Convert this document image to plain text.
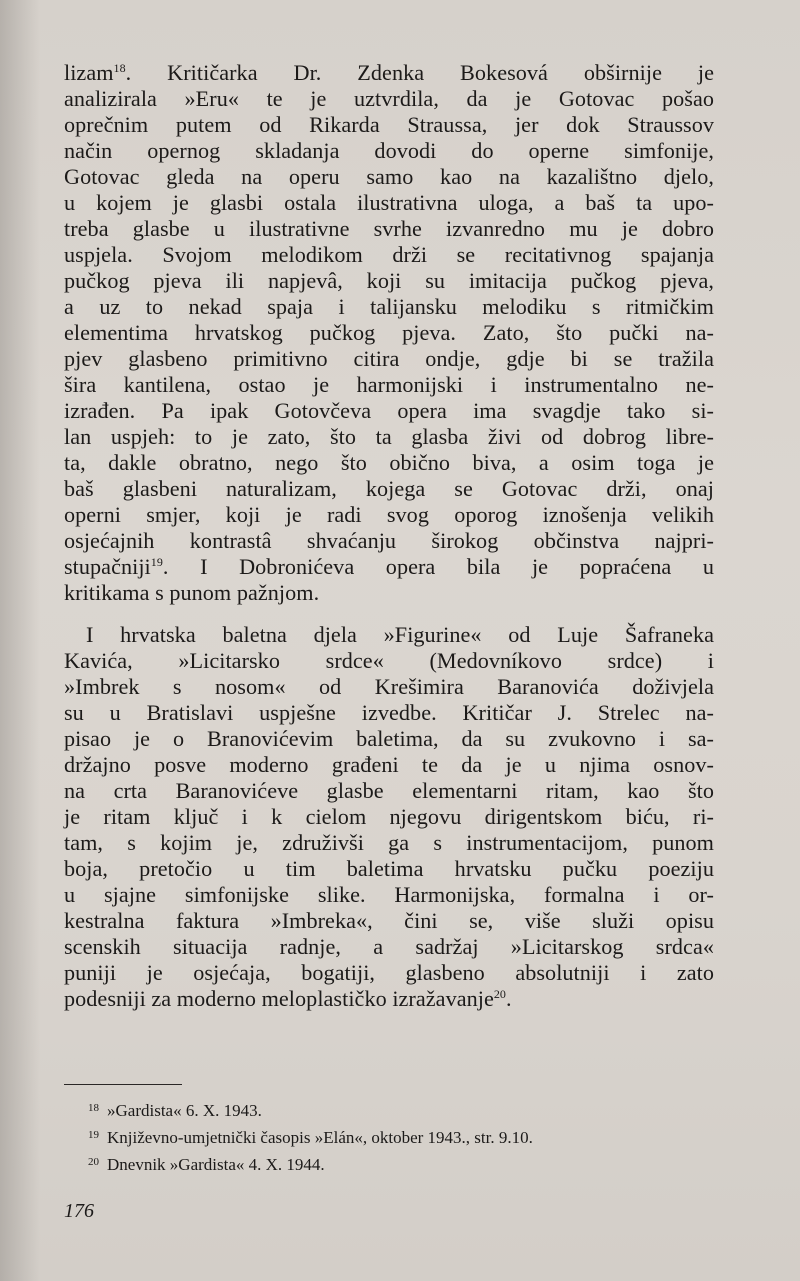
lizam$^{18}$. Kritičarka Dr. Zdenka Bokesová obširnije je
analizirala »Eru« te je uztvrdila, da je Gotovac pošao
oprečnim putem od Rikarda Straussa, jer dok Straussov
način opernog skladanja dovodi do operne simfonije,
Gotovac gleda na operu samo kao na kazalištno djelo,
u kojem je glasbi ostala ilustrativna uloga, a baš ta upo-
treba glasbe u ilustrativne svrhe izvanredno mu je dobro
uspjela. Svojom melodikom drži se recitativnog spajanja
pučkog pjeva ili napjevâ, koji su imitacija pučkog pjeva,
a uz to nekad spaja i talijansku melodiku s ritmičkim
elementima hrvatskog pučkog pjeva. Zato, što pučki na-
pjev glasbeno primitivno citira ondje, gdje bi se tražila
šira kantilena, ostao je harmonijski i instrumentalno ne-
izrađen. Pa ipak Gotovčeva opera ima svagdje tako si-
lan uspjeh: to je zato, što ta glasba živi od dobrog libre-
ta, dakle obratno, nego što obično biva, a osim toga je
baš glasbeni naturalizam, kojega se Gotovac drži, onaj
operni smjer, koji je radi svog oporog iznošenja velikih
osjećajnih kontrastâ shvaćanju širokog občinstva najpri-
stupačniji$^{19}$. I Dobronićeva opera bila je popraćena u
kritikama s punom pažnjom.
I hrvatska baletna djela »Figurine« od Luje Šafraneka
Kavića, »Licitarsko srdce« (Medovníkovo srdce) i
»Imbrek s nosom« od Krešimira Baranovića doživjela
su u Bratislavi uspješne izvedbe. Kritičar J. Strelec na-
pisao je o Branovićevim baletima, da su zvukovno i sa-
držajno posve moderno građeni te da je u njima osnov-
na crta Baranovićeve glasbe elementarni ritam, kao što
je ritam ključ i k cielom njegovu dirigentskom biću, ri-
tam, s kojim je, združivši ga s instrumentacijom, punom
boja, pretočio u tim baletima hrvatsku pučku poeziju
u sjajne simfonijske slike. Harmonijska, formalna i or-
kestralna faktura »Imbreka«, čini se, više služi opisu
scenskih situacija radnje, a sadržaj »Licitarskog srdca«
puniji je osjećaja, bogatiji, glasbeno absolutniji i zato
podesniji za moderno meloplastičko izražavanje$^{20}$.
$^{18}$ »Gardista« 6. X. 1943.
$^{19}$ Književno-umjetnički časopis »Elán«, oktober 1943., str. 9.10.
$^{20}$ Dnevnik »Gardista« 4. X. 1944.
176
